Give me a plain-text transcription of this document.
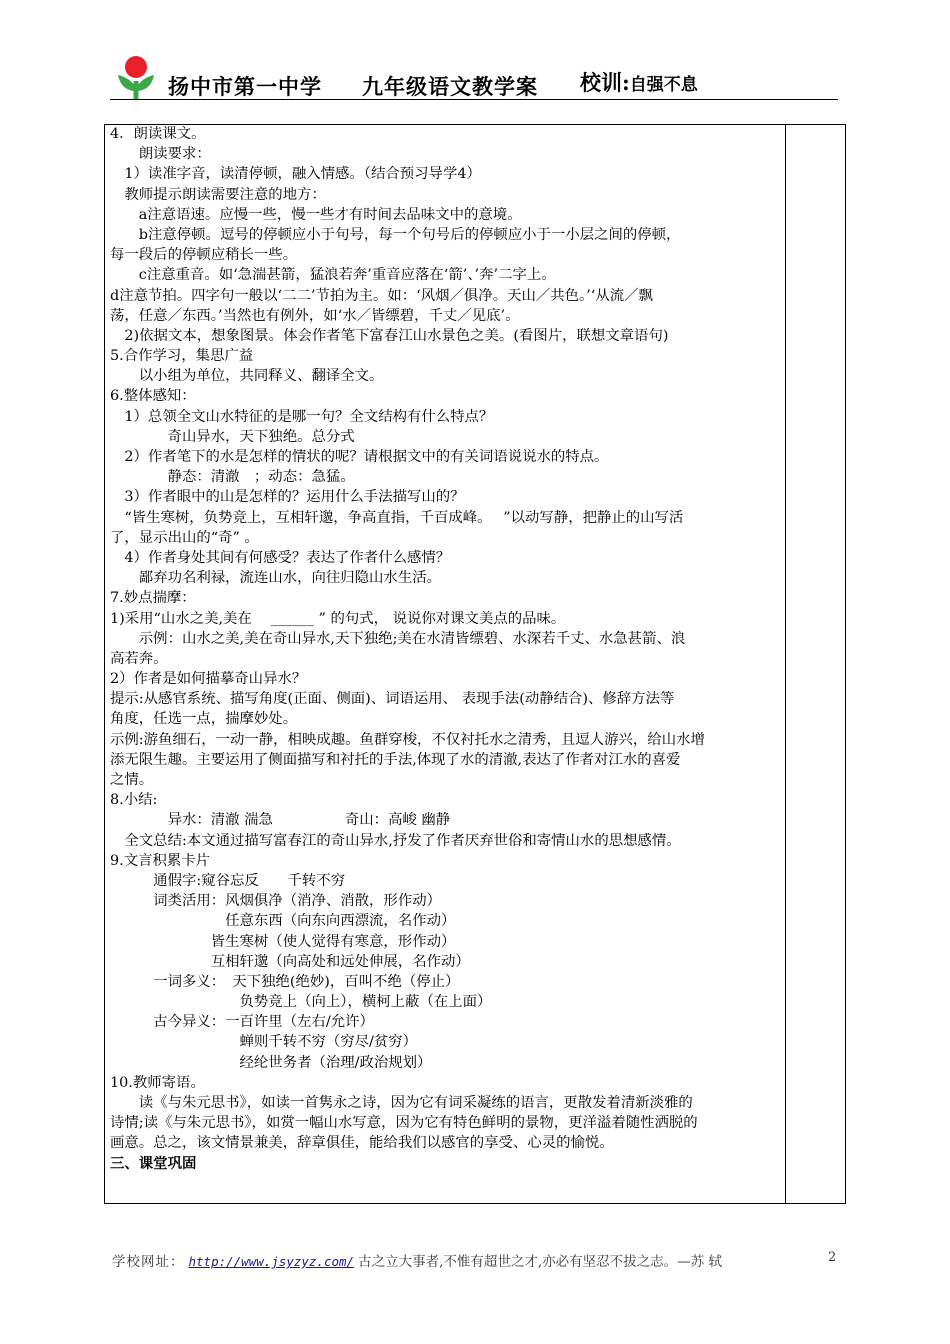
扬中市第一中学 九年级语文教学案 校训:自强不息
4．朗读课文。
　　朗读要求：
　1）读准字音，读清停顿，融入情感。（结合预习导学4）
　教师提示朗读需要注意的地方：
　　a注意语速。应慢一些，慢一些才有时间去品味文中的意境。
　　b注意停顿。逗号的停顿应小于句号，每一个句号后的停顿应小于一小层之间的停顿，
每一段后的停顿应稍长一些。
　　c注意重音。如‘急湍甚箭，猛浪若奔’重音应落在‘箭’、’奔’二字上。
d注意节拍。四字句一般以‘二二’节拍为主。如：‘风烟／俱净。天山／共色。’‘从流／飘
荡，任意／东西。’当然也有例外，如‘水／皆缥碧，千丈／见底’。
　2)依据文本，想象图景。体会作者笔下富春江山水景色之美。(看图片，联想文章语句)
5.合作学习，集思广益
　　以小组为单位，共同释义、翻译全文。
6.整体感知：
　1）总领全文山水特征的是哪一句？全文结构有什么特点？
　　　　奇山异水，天下独绝。总分式
　2）作者笔下的水是怎样的情状的呢？请根据文中的有关词语说说水的特点。
　　　　静态：清澈　；动态：急猛。
　3）作者眼中的山是怎样的？运用什么手法描写山的？
　“皆生寒树，负势竞上，互相轩邈，争高直指，千百成峰。　 ”以动写静，把静止的山写活
了，显示出山的“奇” 。
　4）作者身处其间有何感受？表达了作者什么感情？
　　鄙弃功名利禄，流连山水，向往归隐山水生活。
7.妙点揣摩：
1)采用“山水之美,美在　 ______ ” 的句式， 说说你对课文美点的品味。
　　示例：山水之美,美在奇山异水,天下独绝;美在水清皆缥碧、水深若千丈、水急甚箭、浪
高若奔。
2）作者是如何描摹奇山异水？
提示:从感官系统、描写角度(正面、侧面)、词语运用、 表现手法(动静结合)、修辞方法等
角度，任选一点，揣摩妙处。
示例:游鱼细石，一动一静，相映成趣。鱼群穿梭，不仅衬托水之清秀，且逗人游兴，给山水增
添无限生趣。主要运用了侧面描写和衬托的手法,体现了水的清澈,表达了作者对江水的喜爱
之情。
8.小结:
　　　　异水：清澈 湍急　　　　　奇山：高峻 幽静
　全文总结:本文通过描写富春江的奇山异水,抒发了作者厌弃世俗和寄情山水的思想感情。
9.文言积累卡片
　　　通假字:窥谷忘反　　千转不穷
　　　词类活用：风烟俱净（消净、消散，形作动）
　　　　　　　　任意东西（向东向西漂流，名作动）
　　　　　　　皆生寒树（使人觉得有寒意，形作动）
　　　　　　　互相轩邈（向高处和远处伸展，名作动）
　　　一词多义：　天下独绝(绝妙)，百叫不绝（停止）
　　　　　　　　　负势竞上（向上），横柯上蔽（在上面）
　　　古今异义：一百许里（左右/允许）
　　　　　　　　　蝉则千转不穷（穷尽/贫穷）
　　　　　　　　　经纶世务者（治理/政治规划）
10.教师寄语。
　　读《与朱元思书》，如读一首隽永之诗，因为它有词采凝练的语言，更散发着清新淡雅的
诗情;读《与朱元思书》，如赏一幅山水写意，因为它有特色鲜明的景物，更洋溢着随性洒脱的
画意。总之，该文情景兼美，辞章俱佳，能给我们以感官的享受、心灵的愉悦。
三、课堂巩固
学校网址： http://www.jsyzyz.com/ 古之立大事者,不惟有超世之才,亦必有坚忍不拔之志。—苏 轼	2
